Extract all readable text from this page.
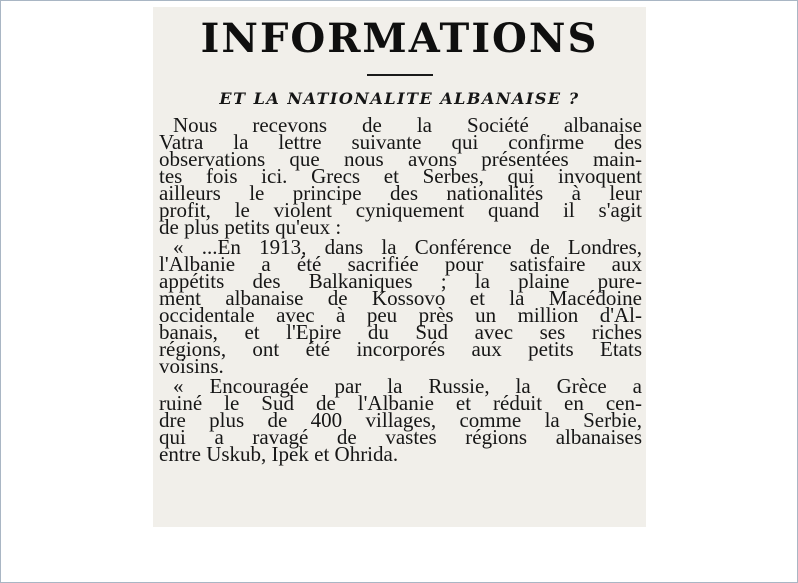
INFORMATIONS
ET LA NATIONALITE ALBANAISE ?
Nous recevons de la Société albanaise
Vatra la lettre suivante qui confirme des
observations que nous avons présentées main-
tes fois ici. Grecs et Serbes, qui invoquent
ailleurs le principe des nationalités à leur
profit, le violent cyniquement quand il s'agit
de plus petits qu'eux :
« ...En 1913, dans la Conférence de Londres,
l'Albanie a été sacrifiée pour satisfaire aux
appétits des Balkaniques ; la plaine pure-
ment albanaise de Kossovo et la Macédoine
occidentale avec à peu près un million d'Al-
banais, et l'Epire du Sud avec ses riches
régions, ont été incorporés aux petits Etats
voisins.
« Encouragée par la Russie, la Grèce a
ruiné le Sud de l'Albanie et réduit en cen-
dre plus de 400 villages, comme la Serbie,
qui a ravagé de vastes régions albanaises
entre Uskub, Ipek et Ohrida.
